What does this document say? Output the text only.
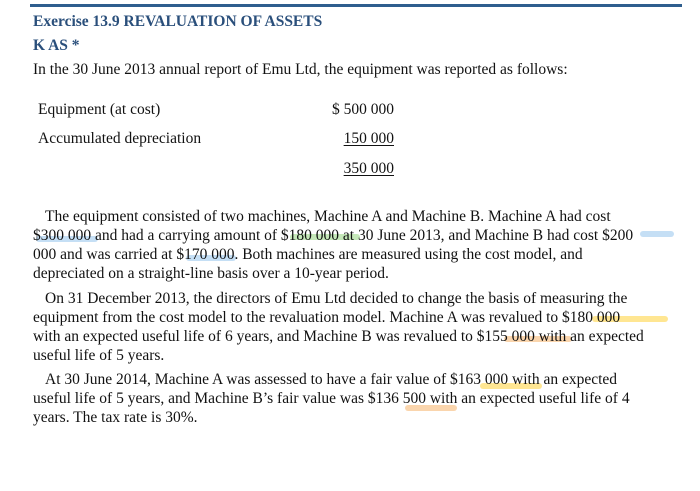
Exercise 13.9 REVALUATION OF ASSETS
K AS *
In the 30 June 2013 annual report of Emu Ltd, the equipment was reported as follows:
Equipment (at cost)	$ 500 000
Accumulated depreciation	150 000
350 000
The equipment consisted of two machines, Machine A and Machine B. Machine A had cost
$300 000 and had a carrying amount of $180 000 at 30 June 2013, and Machine B had cost $200
000 and was carried at $170 000. Both machines are measured using the cost model, and
depreciated on a straight-line basis over a 10-year period.
On 31 December 2013, the directors of Emu Ltd decided to change the basis of measuring the
equipment from the cost model to the revaluation model. Machine A was revalued to $180 000
with an expected useful life of 6 years, and Machine B was revalued to $155 000 with an expected
useful life of 5 years.
At 30 June 2014, Machine A was assessed to have a fair value of $163 000 with an expected
useful life of 5 years, and Machine B’s fair value was $136 500 with an expected useful life of 4
years. The tax rate is 30%.
